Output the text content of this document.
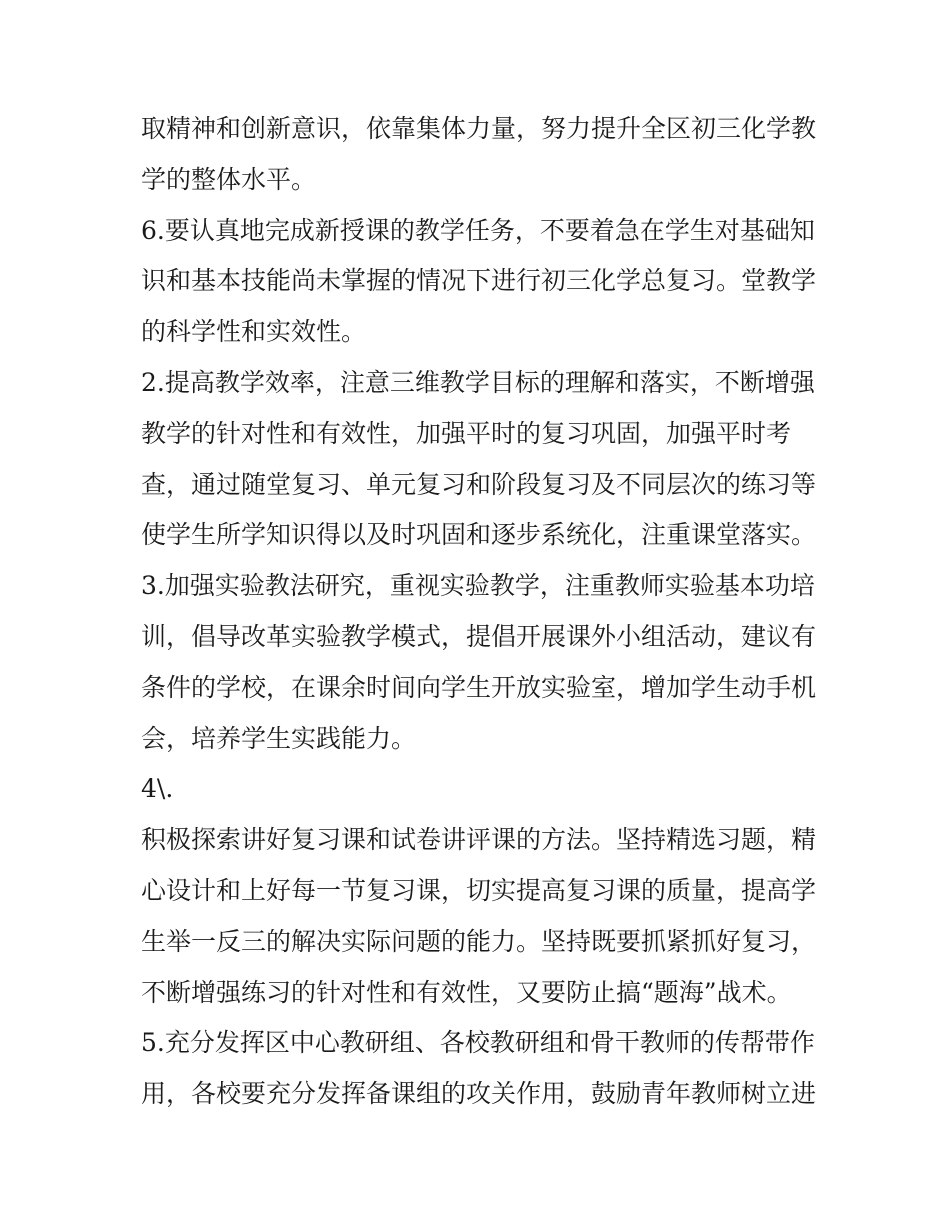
取精神和创新意识，依靠集体力量，努力提升全区初三化学教
学的整体水平。
6.要认真地完成新授课的教学任务，不要着急在学生对基础知
识和基本技能尚未掌握的情况下进行初三化学总复习。堂教学
的科学性和实效性。
2.提高教学效率，注意三维教学目标的理解和落实，不断增强
教学的针对性和有效性，加强平时的复习巩固，加强平时考
查，通过随堂复习、单元复习和阶段复习及不同层次的练习等
使学生所学知识得以及时巩固和逐步系统化，注重课堂落实。
3.加强实验教法研究，重视实验教学，注重教师实验基本功培
训，倡导改革实验教学模式，提倡开展课外小组活动，建议有
条件的学校，在课余时间向学生开放实验室，增加学生动手机
会，培养学生实践能力。
4\.
积极探索讲好复习课和试卷讲评课的方法。坚持精选习题，精
心设计和上好每一节复习课，切实提高复习课的质量，提高学
生举一反三的解决实际问题的能力。坚持既要抓紧抓好复习，
不断增强练习的针对性和有效性，又要防止搞“题海”战术。
5.充分发挥区中心教研组、各校教研组和骨干教师的传帮带作
用，各校要充分发挥备课组的攻关作用，鼓励青年教师树立进
